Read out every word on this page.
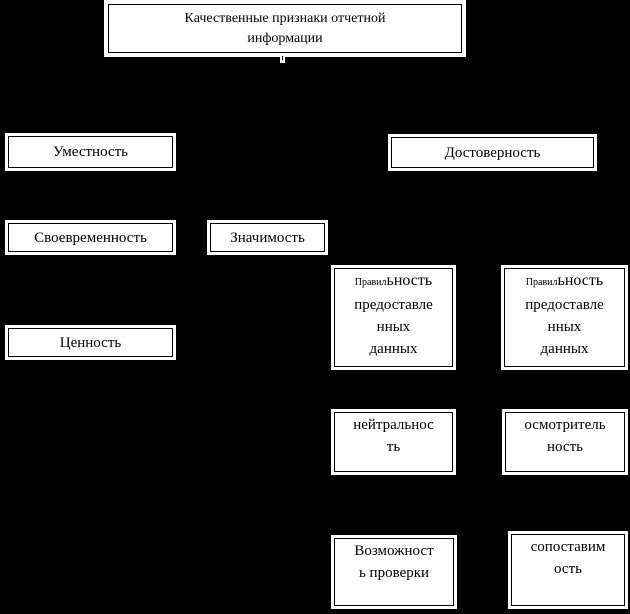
Качественные признаки отчетной
информации
Уместность	Достоверность
Своевременность	Значимость
Ценность
Правильность
предоставле
нных
данных
Правильность
предоставле
нных
данных
нейтральнос
ть
осмотритель
ность
Возможност
ь проверки
сопоставим
ость
